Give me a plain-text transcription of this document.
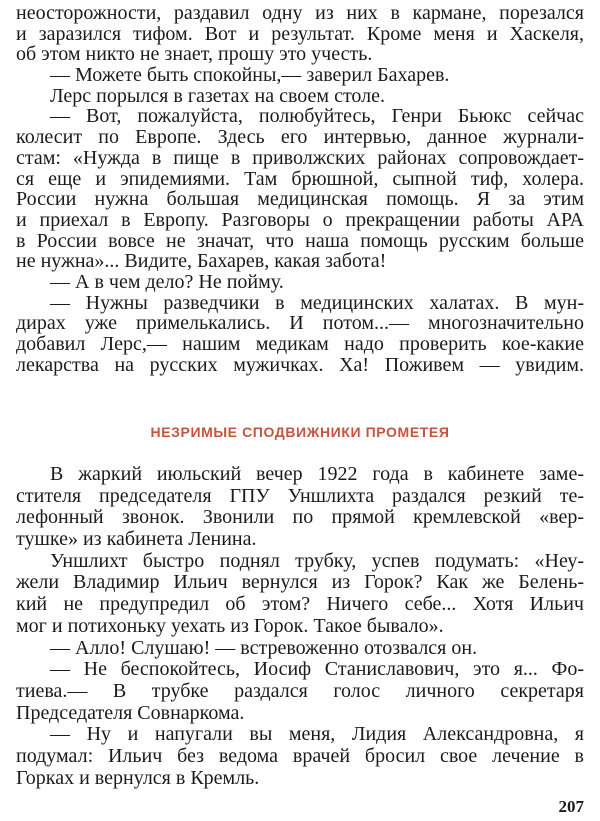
неосторожности, раздавил одну из них в кармане, порезался
и заразился тифом. Вот и результат. Кроме меня и Хаскеля,
об этом никто не знает, прошу это учесть.
— Можете быть спокойны,— заверил Бахарев.
Лерс порылся в газетах на своем столе.
— Вот, пожалуйста, полюбуйтесь, Генри Бьюкс сейчас
колесит по Европе. Здесь его интервью, данное журнали-
стам: «Нужда в пище в приволжских районах сопровождает-
ся еще и эпидемиями. Там брюшной, сыпной тиф, холера.
России нужна большая медицинская помощь. Я за этим
и приехал в Европу. Разговоры о прекращении работы АРА
в России вовсе не значат, что наша помощь русским больше
не нужна»... Видите, Бахарев, какая забота!
— А в чем дело? Не пойму.
— Нужны разведчики в медицинских халатах. В мун-
дирах уже примелькались. И потом...— многозначительно
добавил Лерс,— нашим медикам надо проверить кое-какие
лекарства на русских мужичках. Ха! Поживем — увидим.
НЕЗРИМЫЕ СПОДВИЖНИКИ ПРОМЕТЕЯ
В жаркий июльский вечер 1922 года в кабинете заме-
стителя председателя ГПУ Уншлихта раздался резкий те-
лефонный звонок. Звонили по прямой кремлевской «вер-
тушке» из кабинета Ленина.
Уншлихт быстро поднял трубку, успев подумать: «Неу-
жели Владимир Ильич вернулся из Горок? Как же Белень-
кий не предупредил об этом? Ничего себе... Хотя Ильич
мог и потихоньку уехать из Горок. Такое бывало».
— Алло! Слушаю! — встревоженно отозвался он.
— Не беспокойтесь, Иосиф Станиславович, это я... Фо-
тиева.— В трубке раздался голос личного секретаря
Председателя Совнаркома.
— Ну и напугали вы меня, Лидия Александровна, я
подумал: Ильич без ведома врачей бросил свое лечение в
Горках и вернулся в Кремль.
207
